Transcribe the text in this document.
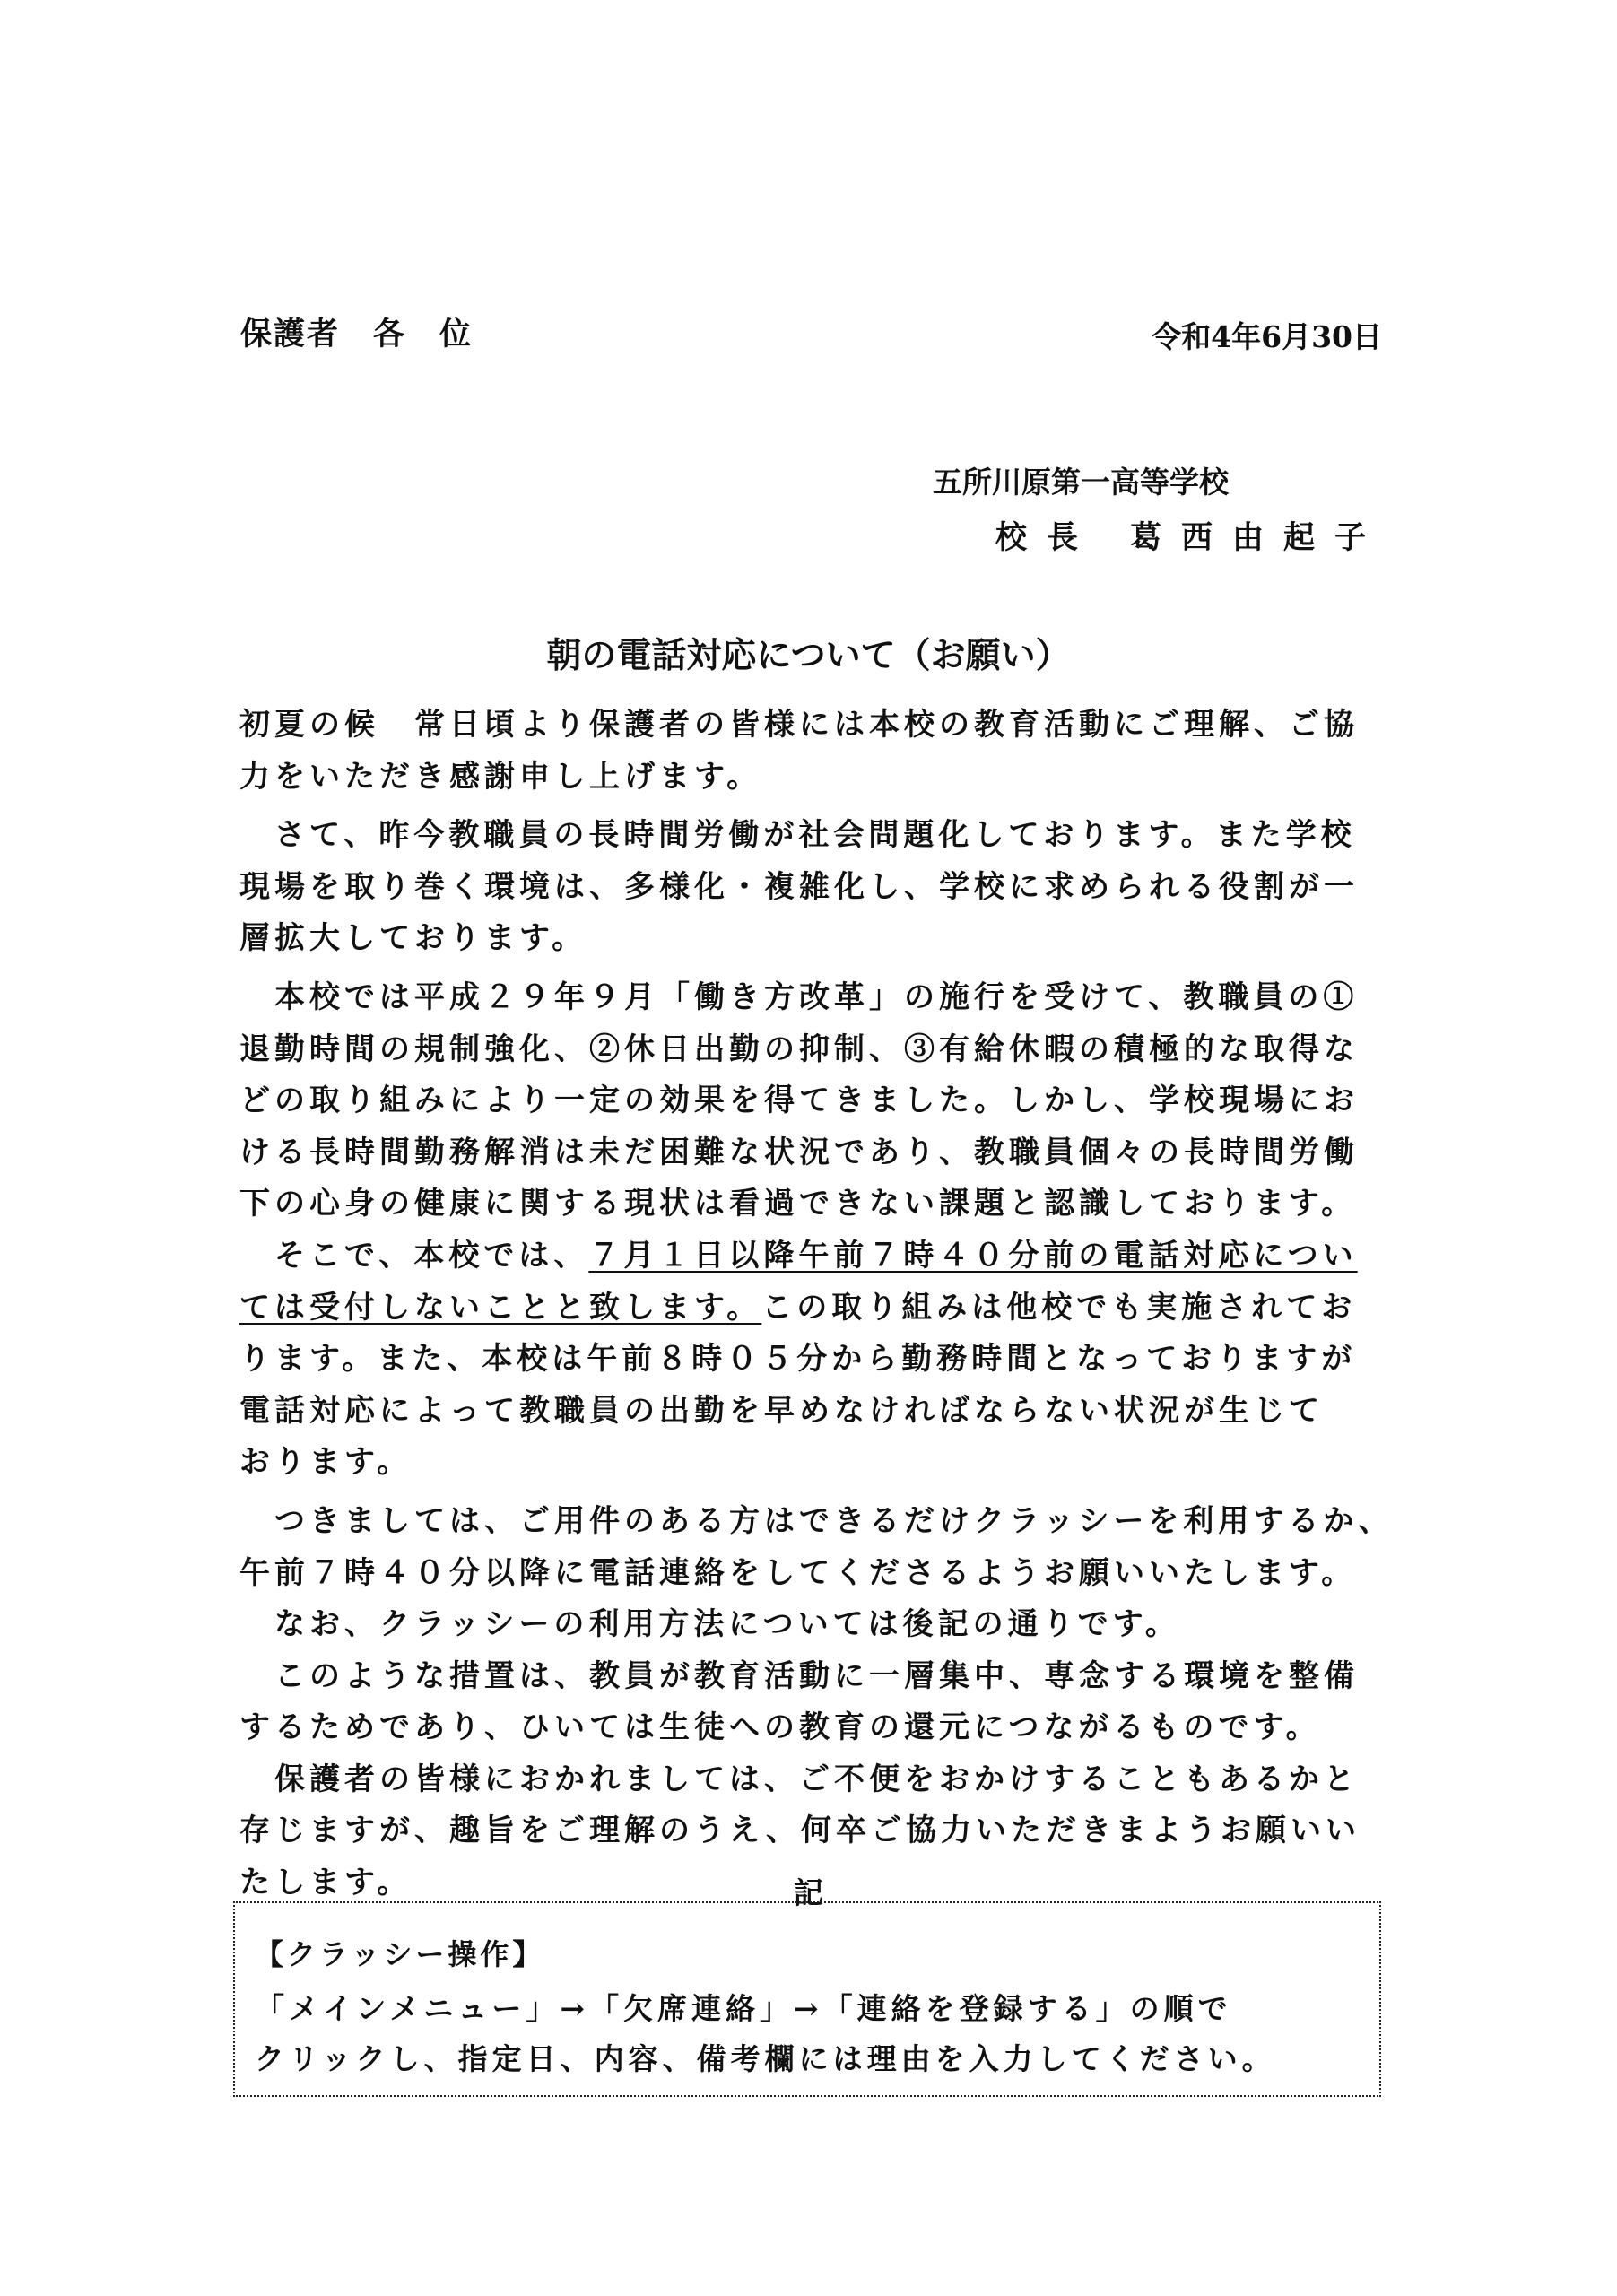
保護者　各　位	令和4年6月30日
五所川原第一高等学校
校長 葛西由起子
朝の電話対応について（お願い）

初夏の候　常日頃より保護者の皆様には本校の教育活動にご理解、ご協

力をいただき感謝申し上げます。

　さて、昨今教職員の長時間労働が社会問題化しております。また学校

現場を取り巻く環境は、多様化・複雑化し、学校に求められる役割が一

層拡大しております。

　本校では平成２９年９月「働き方改革」の施行を受けて、教職員の①

退勤時間の規制強化、②休日出勤の抑制、③有給休暇の積極的な取得な

どの取り組みにより一定の効果を得てきました。しかし、学校現場にお

ける長時間勤務解消は未だ困難な状況であり、教職員個々の長時間労働

下の心身の健康に関する現状は看過できない課題と認識しております。

　そこで、本校では、７月１日以降午前７時４０分前の電話対応につい

ては受付しないことと致します。この取り組みは他校でも実施されてお

ります。また、本校は午前８時０５分から勤務時間となっておりますが

電話対応によって教職員の出勤を早めなければならない状況が生じて

おります。

　つきましては、ご用件のある方はできるだけクラッシーを利用するか、

午前７時４０分以降に電話連絡をしてくださるようお願いいたします。

　なお、クラッシーの利用方法については後記の通りです。

　このような措置は、教員が教育活動に一層集中、専念する環境を整備

するためであり、ひいては生徒への教育の還元につながるものです。

　保護者の皆様におかれましては、ご不便をおかけすることもあるかと

存じますが、趣旨をご理解のうえ、何卒ご協力いただきまようお願いい

たします。	記
【クラッシー操作】
「メインメニュー」→「欠席連絡」→「連絡を登録する」の順で
クリックし、指定日、内容、備考欄には理由を入力してください。
